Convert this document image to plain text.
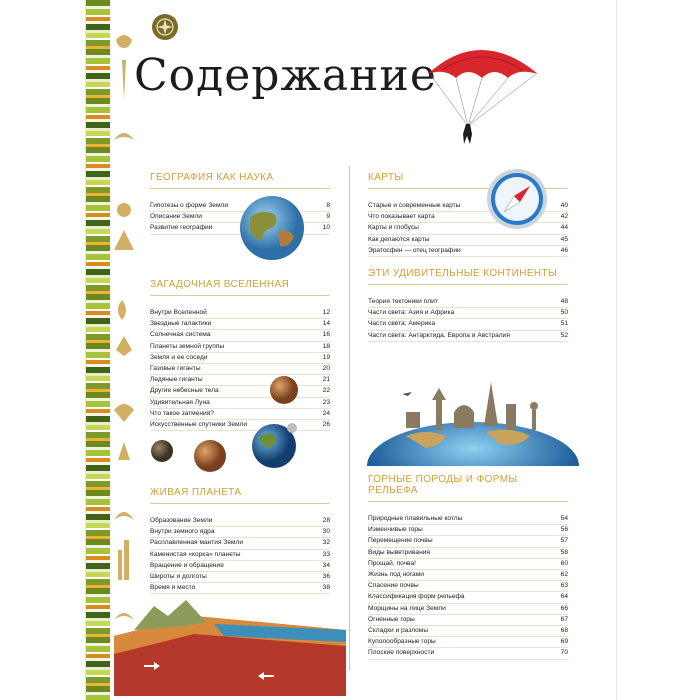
Содержание
ГЕОГРАФИЯ КАК НАУКА
Гипотезы о форме Земли	8
Описание Земли	9
Развитие географии	10
ЗАГАДОЧНАЯ ВСЕЛЕННАЯ
Внутри Вселенной	12
Звездные галактики	14
Солнечная система	16
Планеты земной группы	18
Земля и ее соседи	19
Газовые гиганты	20
Ледяные гиганты	21
Другие небесные тела	22
Удивительная Луна	23
Что такое затмения?	24
Искусственные спутники Земли	26
ЖИВАЯ ПЛАНЕТА
Образование Земли	28
Внутри земного ядра	30
Расплавленная мантия Земли	32
Каменистая «корка» планеты	33
Вращение и обращение	34
Широты и долготы	36
Время и место	38
КАРТЫ
Старые и современные карты	40
Что показывает карта	42
Карты и глобусы	44
Как делаются карты	45
Эратосфен — отец географии	46
ЭТИ УДИВИТЕЛЬНЫЕ КОНТИНЕНТЫ
Теория тектоники плит	48
Части света: Азия и Африка	50
Части света: Америка	51
Части света: Антарктида, Европа и Австралия	52
ГОРНЫЕ ПОРОДЫ И ФОРМЫ РЕЛЬЕФА
Природные плавильные котлы	54
Изменчивые горы	56
Перемещение почвы	57
Виды выветривания	58
Прощай, почва!	60
Жизнь под ногами	62
Спасение почвы	63
Классификация форм рельефа	64
Морщины на лице Земли	66
Огненные горы	67
Складки и разломы	68
Куполообразные горы	69
Плоские поверхности	70
